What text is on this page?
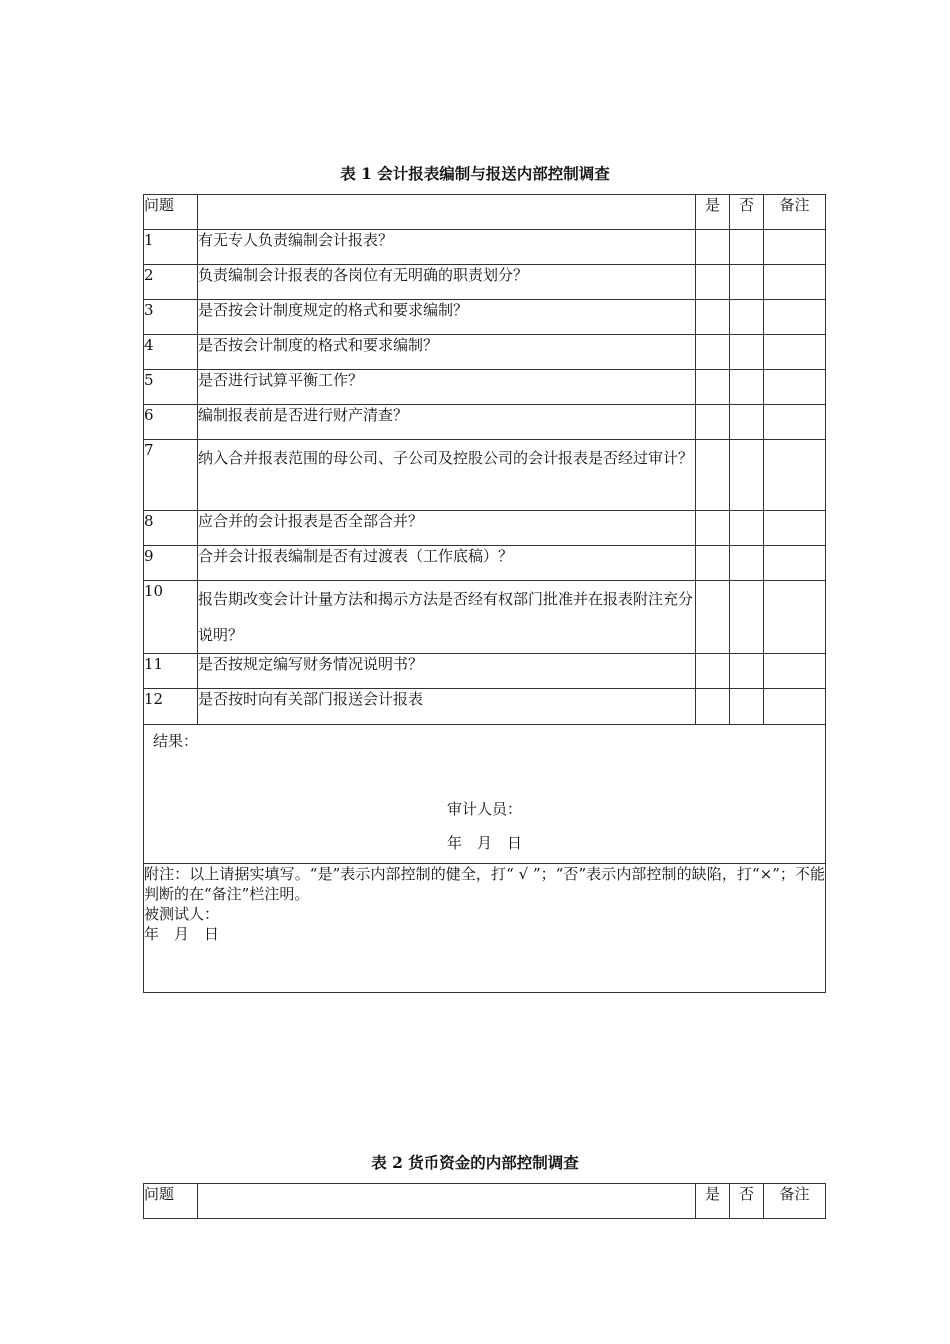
表 1 会计报表编制与报送内部控制调查
问题		是	否	备注
1	有无专人负责编制会计报表？			
2	负责编制会计报表的各岗位有无明确的职责划分？			
3	是否按会计制度规定的格式和要求编制？			
4	是否按会计制度的格式和要求编制？			
5	是否进行试算平衡工作？			
6	编制报表前是否进行财产清查？			
7	纳入合并报表范围的母公司、子公司及控股公司的会计报表是否经过审计？			
8	应合并的会计报表是否全部合并？			
9	合并会计报表编制是否有过渡表（工作底稿）？			
10	报告期改变会计计量方法和揭示方法是否经有权部门批准并在报表附注充分说明？			
11	是否按规定编写财务情况说明书？			
12	是否按时向有关部门报送会计报表			

结果：
审计人员：
年　月　日				

附注：以上请据实填写。“是”表示内部控制的健全，打“ √ ”；“否”表示内部控制的缺陷，打“×”；不能判断的在“备注”栏注明。
被测试人：
年　月　日				
表 2 货币资金的内部控制调查
问题		是	否	备注
